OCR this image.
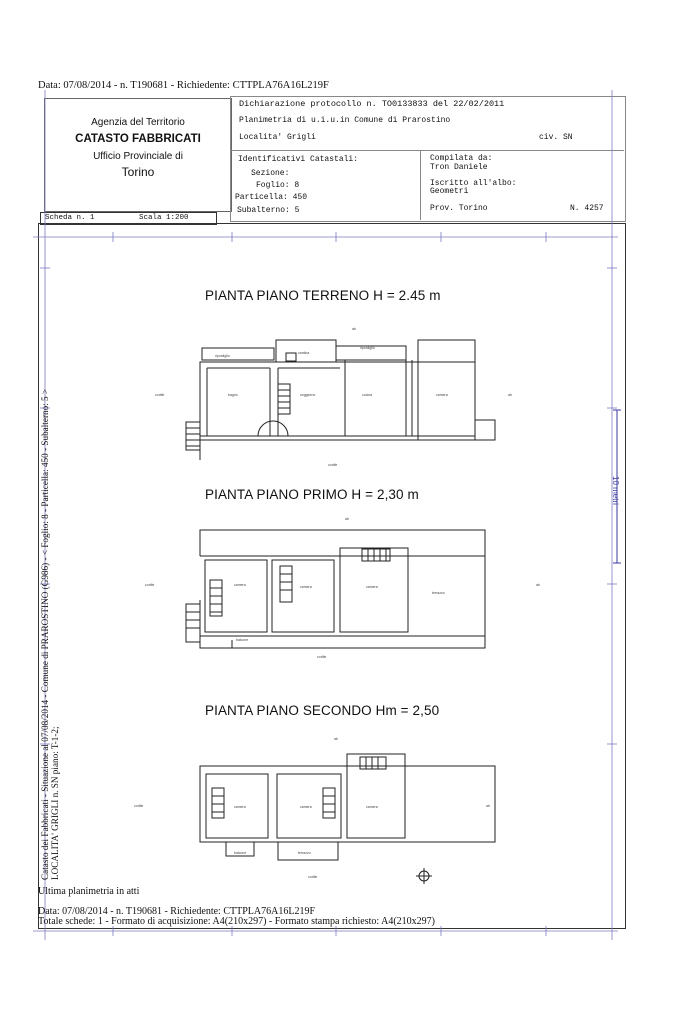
Data: 07/08/2014 - n. T190681 - Richiedente: CTTPLA76A16L219F
Agenzia del Territorio
CATASTO FABBRICATI
Ufficio Provinciale di
Torino
Dichiarazione protocollo n. TO0133833 del 22/02/2011
Planimetria di u.i.u.in Comune di Prarostino
Localita' Grigli	civ. SN
Identificativi Catastali:
Sezione:
Foglio: 8
Particella: 450
Subalterno: 5
Compilata da:
Tron Daniele
Iscritto all'albo:
Geometri
Prov. Torino	N. 4257
Scheda n. 1	Scala 1:200
10 metri
PIANTA PIANO TERRENO H = 2.45 m
PIANTA PIANO PRIMO H = 2,30 m
PIANTA PIANO SECONDO Hm = 2,50
ab
ripostiglio
cantina
ripostiglio
bagno	soggiorno	cucina	camera
cortile	ab
cortile
ab
camera	camera	camera
terrazzo
cortile	ab
balcone
cortile
ab
camera	camera	camera
cortile	ab
balcone	terrazzo
cortile
Catasto dei Fabbricati - Situazione al 07/08/2014 - Comune di PRAROSTINO (G986) - < Foglio: 8 - Particella: 450 - Subalterno: 5 > LOCALITA' GRIGLI n. SN piano: T-1-2;
Ultima planimetria in atti
Data: 07/08/2014 - n. T190681 - Richiedente: CTTPLA76A16L219F
Totale schede: 1 - Formato di acquisizione: A4(210x297) - Formato stampa richiesto: A4(210x297)
